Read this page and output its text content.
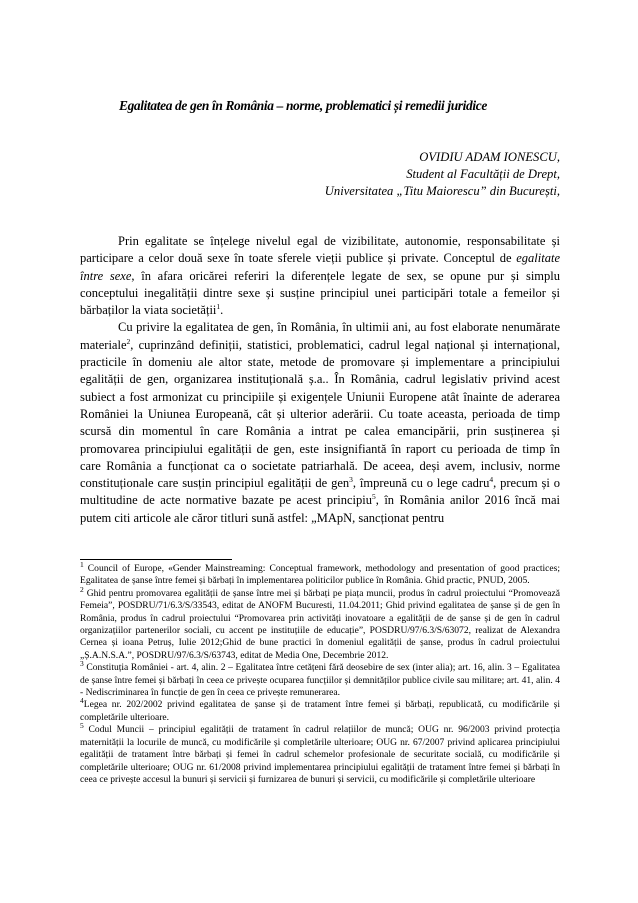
Egalitatea de gen în România – norme, problematici și remedii juridice
OVIDIU ADAM IONESCU,
Student al Facultății de Drept,
Universitatea „Titu Maiorescu” din București,

Prin egalitate se înțelege nivelul egal de vizibilitate, autonomie, responsabilitate și participare a celor două sexe în toate sferele vieții publice și private. Conceptul de egalitate între sexe, în afara oricărei referiri la diferențele legate de sex, se opune pur și simplu conceptului inegalității dintre sexe și susține principiul unei participări totale a femeilor și bărbaților la viata societății$^1$.

Cu privire la egalitatea de gen, în România, în ultimii ani, au fost elaborate nenumărate materiale$^2$, cuprinzând definiții, statistici, problematici, cadrul legal național și internațional, practicile în domeniu ale altor state, metode de promovare și implementare a principiului egalității de gen, organizarea instituțională ș.a.. În România, cadrul legislativ privind acest subiect a fost armonizat cu principiile și exigențele Uniunii Europene atât înainte de aderarea României la Uniunea Europeană, cât și ulterior aderării. Cu toate aceasta, perioada de timp scursă din momentul în care România a intrat pe calea emancipării, prin susținerea și promovarea principiului egalității de gen, este insignifiantă în raport cu perioada de timp în care România a funcționat ca o societate patriarhală. De aceea, deși avem, inclusiv, norme constituționale care susțin principiul egalității de gen$^3$, împreună cu o lege cadru$^4$, precum și o multitudine de acte normative bazate pe acest principiu$^5$, în România anilor 2016 încă mai putem citi articole ale căror titluri sună astfel: „MApN, sancționat pentru

$^1$ Council of Europe, «Gender Mainstreaming: Conceptual framework, methodology and presentation of good practices; Egalitatea de șanse între femei și bărbați în implementarea politicilor publice în România. Ghid practic, PNUD, 2005.

$^2$ Ghid pentru promovarea egalității de șanse între mei și bărbați pe piața muncii, produs în cadrul proiectului “Promovează Femeia”, POSDRU/71/6.3/S/33543, editat de ANOFM Bucuresti, 11.04.2011; Ghid privind egalitatea de șanse și de gen în România, produs în cadrul proiectului “Promovarea prin activități inovatoare a egalității de de șanse și de gen în cadrul organizațiilor partenerilor sociali, cu accent pe instituțiile de educație”, POSDRU/97/6.3/S/63072, realizat de Alexandra Cernea și ioana Petruș, Iulie 2012;Ghid de bune practici în domeniul egalității de șanse, produs în cadrul proiectului „Ș.A.N.S.A.”, POSDRU/97/6.3/S/63743, editat de Media One, Decembrie 2012.

$^3$ Constituția României - art. 4, alin. 2 – Egalitatea între cetățeni fără deosebire de sex (inter alia); art. 16, alin. 3 – Egalitatea de șanse între femei și bărbați în ceea ce privește ocuparea funcțiilor și demnităților publice civile sau militare; art. 41, alin. 4 - Nediscriminarea în funcție de gen în ceea ce privește remunerarea.

$^4$Legea nr. 202/2002 privind egalitatea de șanse și de tratament între femei și bărbați, republicată, cu modificările și completările ulterioare.

$^5$ Codul Muncii – principiul egalității de tratament în cadrul relațiilor de muncă; OUG nr. 96/2003 privind protecția maternității la locurile de muncă, cu modificările și completările ulterioare; OUG nr. 67/2007 privind aplicarea principiului egalității de tratament între bărbați și femei în cadrul schemelor profesionale de securitate socială, cu modificările și completările ulterioare; OUG nr. 61/2008 privind implementarea principiului egalității de tratament între femei și bărbați în ceea ce privește accesul la bunuri și servicii și furnizarea de bunuri și servicii, cu modificările și completările ulterioare
